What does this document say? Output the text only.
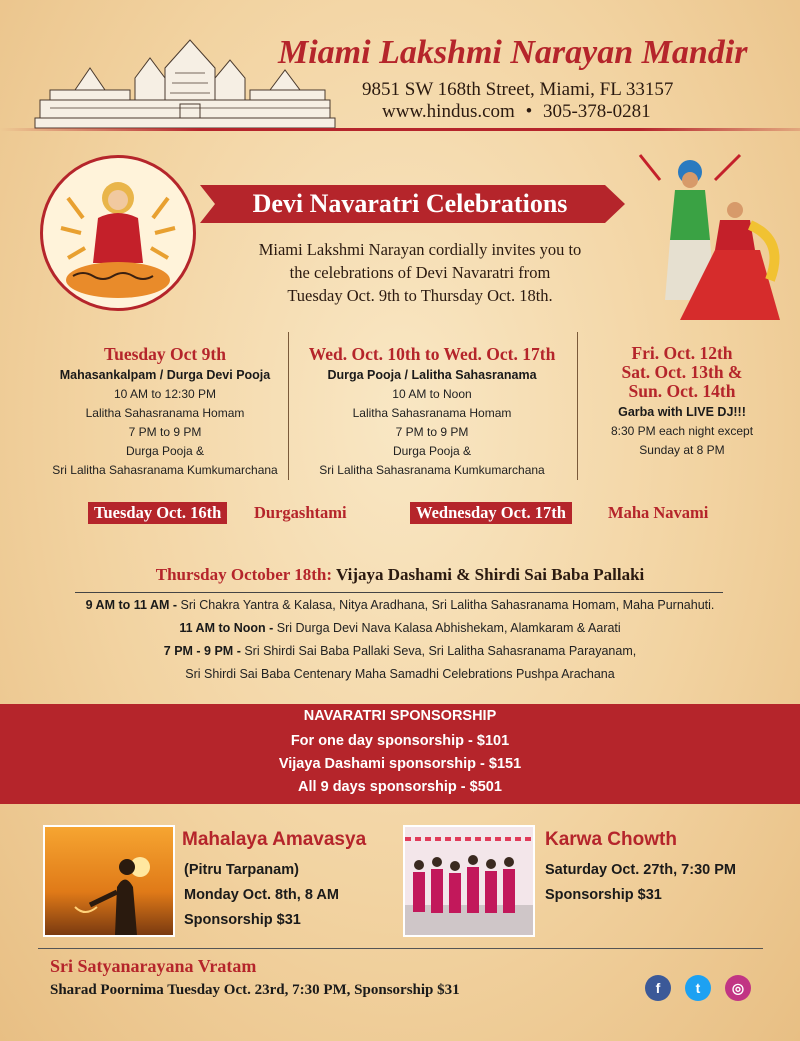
Miami Lakshmi Narayan Mandir
9851 SW 168th Street, Miami, FL 33157
www.hindus.com • 305-378-0281
Devi Navaratri Celebrations
Miami Lakshmi Narayan cordially invites you to
the celebrations of Devi Navaratri from
Tuesday Oct. 9th to Thursday Oct. 18th.
Tuesday Oct 9th
Mahasankalpam / Durga Devi Pooja
10 AM to 12:30 PM
Lalitha Sahasranama Homam
7 PM to 9 PM
Durga Pooja &
Sri Lalitha Sahasranama Kumkumarchana
Wed. Oct. 10th to Wed. Oct. 17th
Durga Pooja / Lalitha Sahasranama
10 AM to Noon
Lalitha Sahasranama Homam
7 PM to 9 PM
Durga Pooja &
Sri Lalitha Sahasranama Kumkumarchana
Fri. Oct. 12th
Sat. Oct. 13th &
Sun. Oct. 14th
Garba with LIVE DJ!!!
8:30 PM each night except
Sunday at 8 PM
Tuesday Oct. 16th	Durgashtami	Wednesday Oct. 17th	Maha Navami
Thursday October 18th: Vijaya Dashami & Shirdi Sai Baba Pallaki
9 AM to 11 AM - Sri Chakra Yantra & Kalasa, Nitya Aradhana, Sri Lalitha Sahasranama Homam, Maha Purnahuti.
11 AM to Noon - Sri Durga Devi Nava Kalasa Abhishekam, Alamkaram & Aarati
7 PM - 9 PM - Sri Shirdi Sai Baba Pallaki Seva, Sri Lalitha Sahasranama Parayanam,
Sri Shirdi Sai Baba Centenary Maha Samadhi Celebrations Pushpa Arachana
NAVARATRI SPONSORSHIP
For one day sponsorship - $101
Vijaya Dashami sponsorship - $151
All 9 days sponsorship - $501
Mahalaya Amavasya
(Pitru Tarpanam)
Monday Oct. 8th, 8 AM
Sponsorship $31
Karwa Chowth
Saturday Oct. 27th, 7:30 PM
Sponsorship $31
Sri Satyanarayana Vratam
Sharad Poornima Tuesday Oct. 23rd, 7:30 PM, Sponsorship $31	f	t	◎
